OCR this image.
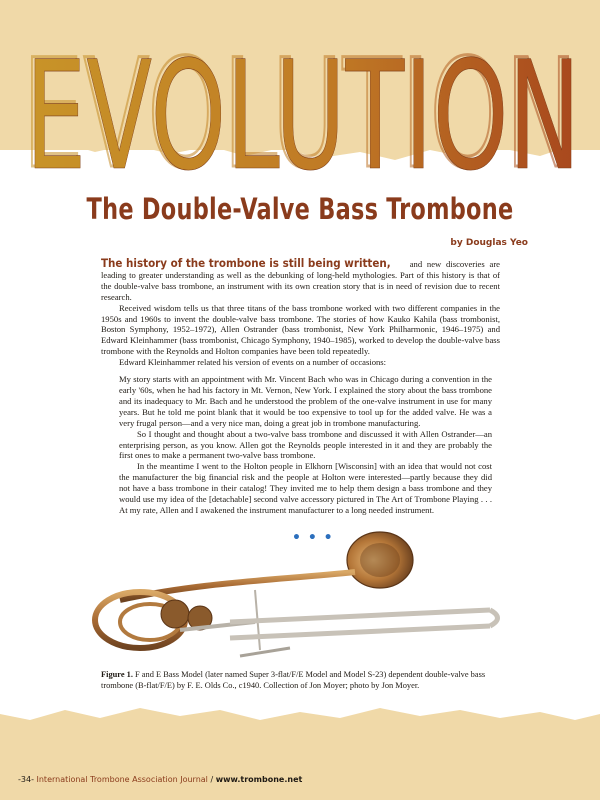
EVOLUTION
EVOLUTION
The Double-Valve Bass Trombone
by Douglas Yeo

The history of the trombone is still being written, and new discoveries are leading to greater understanding as well as the debunking of long-held mythologies. Part of this history is that of the double-valve bass trombone, an instrument with its own creation story that is in need of revision due to recent research.

Received wisdom tells us that three titans of the bass trombone worked with two different companies in the 1950s and 1960s to invent the double-valve bass trombone. The stories of how Kauko Kahila (bass trombonist, Boston Symphony, 1952–1972), Allen Ostrander (bass trombonist, New York Philharmonic, 1946–1975) and Edward Kleinhammer (bass trombonist, Chicago Symphony, 1940–1985), worked to develop the double-valve bass trombone with the Reynolds and Holton companies have been told repeatedly.

Edward Kleinhammer related his version of events on a number of occasions:

My story starts with an appointment with Mr. Vincent Bach who was in Chicago during a convention in the early '60s, when he had his factory in Mt. Vernon, New York. I explained the story about the bass trombone and its inadequacy to Mr. Bach and he understood the problem of the one-valve instrument in use for many years. But he told me point blank that it would be too expensive to tool up for the added valve. He was a very frugal person—and a very nice man, doing a great job in trombone manufacturing.

So I thought and thought about a two-valve bass trombone and discussed it with Allen Ostrander—an enterprising person, as you know. Allen got the Reynolds people interested in it and they are probably the first ones to make a permanent two-valve bass trombone.

In the meantime I went to the Holton people in Elkhorn [Wisconsin] with an idea that would not cost the manufacturer the big financial risk and the people at Holton were interested—partly because they did not have a bass trombone in their catalog! They invited me to help them design a bass trombone and they would use my idea of the [detachable] second valve accessory pictured in The Art of Trombone Playing . . . At my rate, Allen and I awakened the instrument manufacturer to a long needed instrument.

• • •
Figure 1. F and E Bass Model (later named Super 3-flat/F/E Model and Model S-23) dependent double-valve bass trombone (B-flat/F/E) by F. E. Olds Co., c1940. Collection of Jon Moyer; photo by Jon Moyer.
-34- International Trombone Association Journal / www.trombone.net
